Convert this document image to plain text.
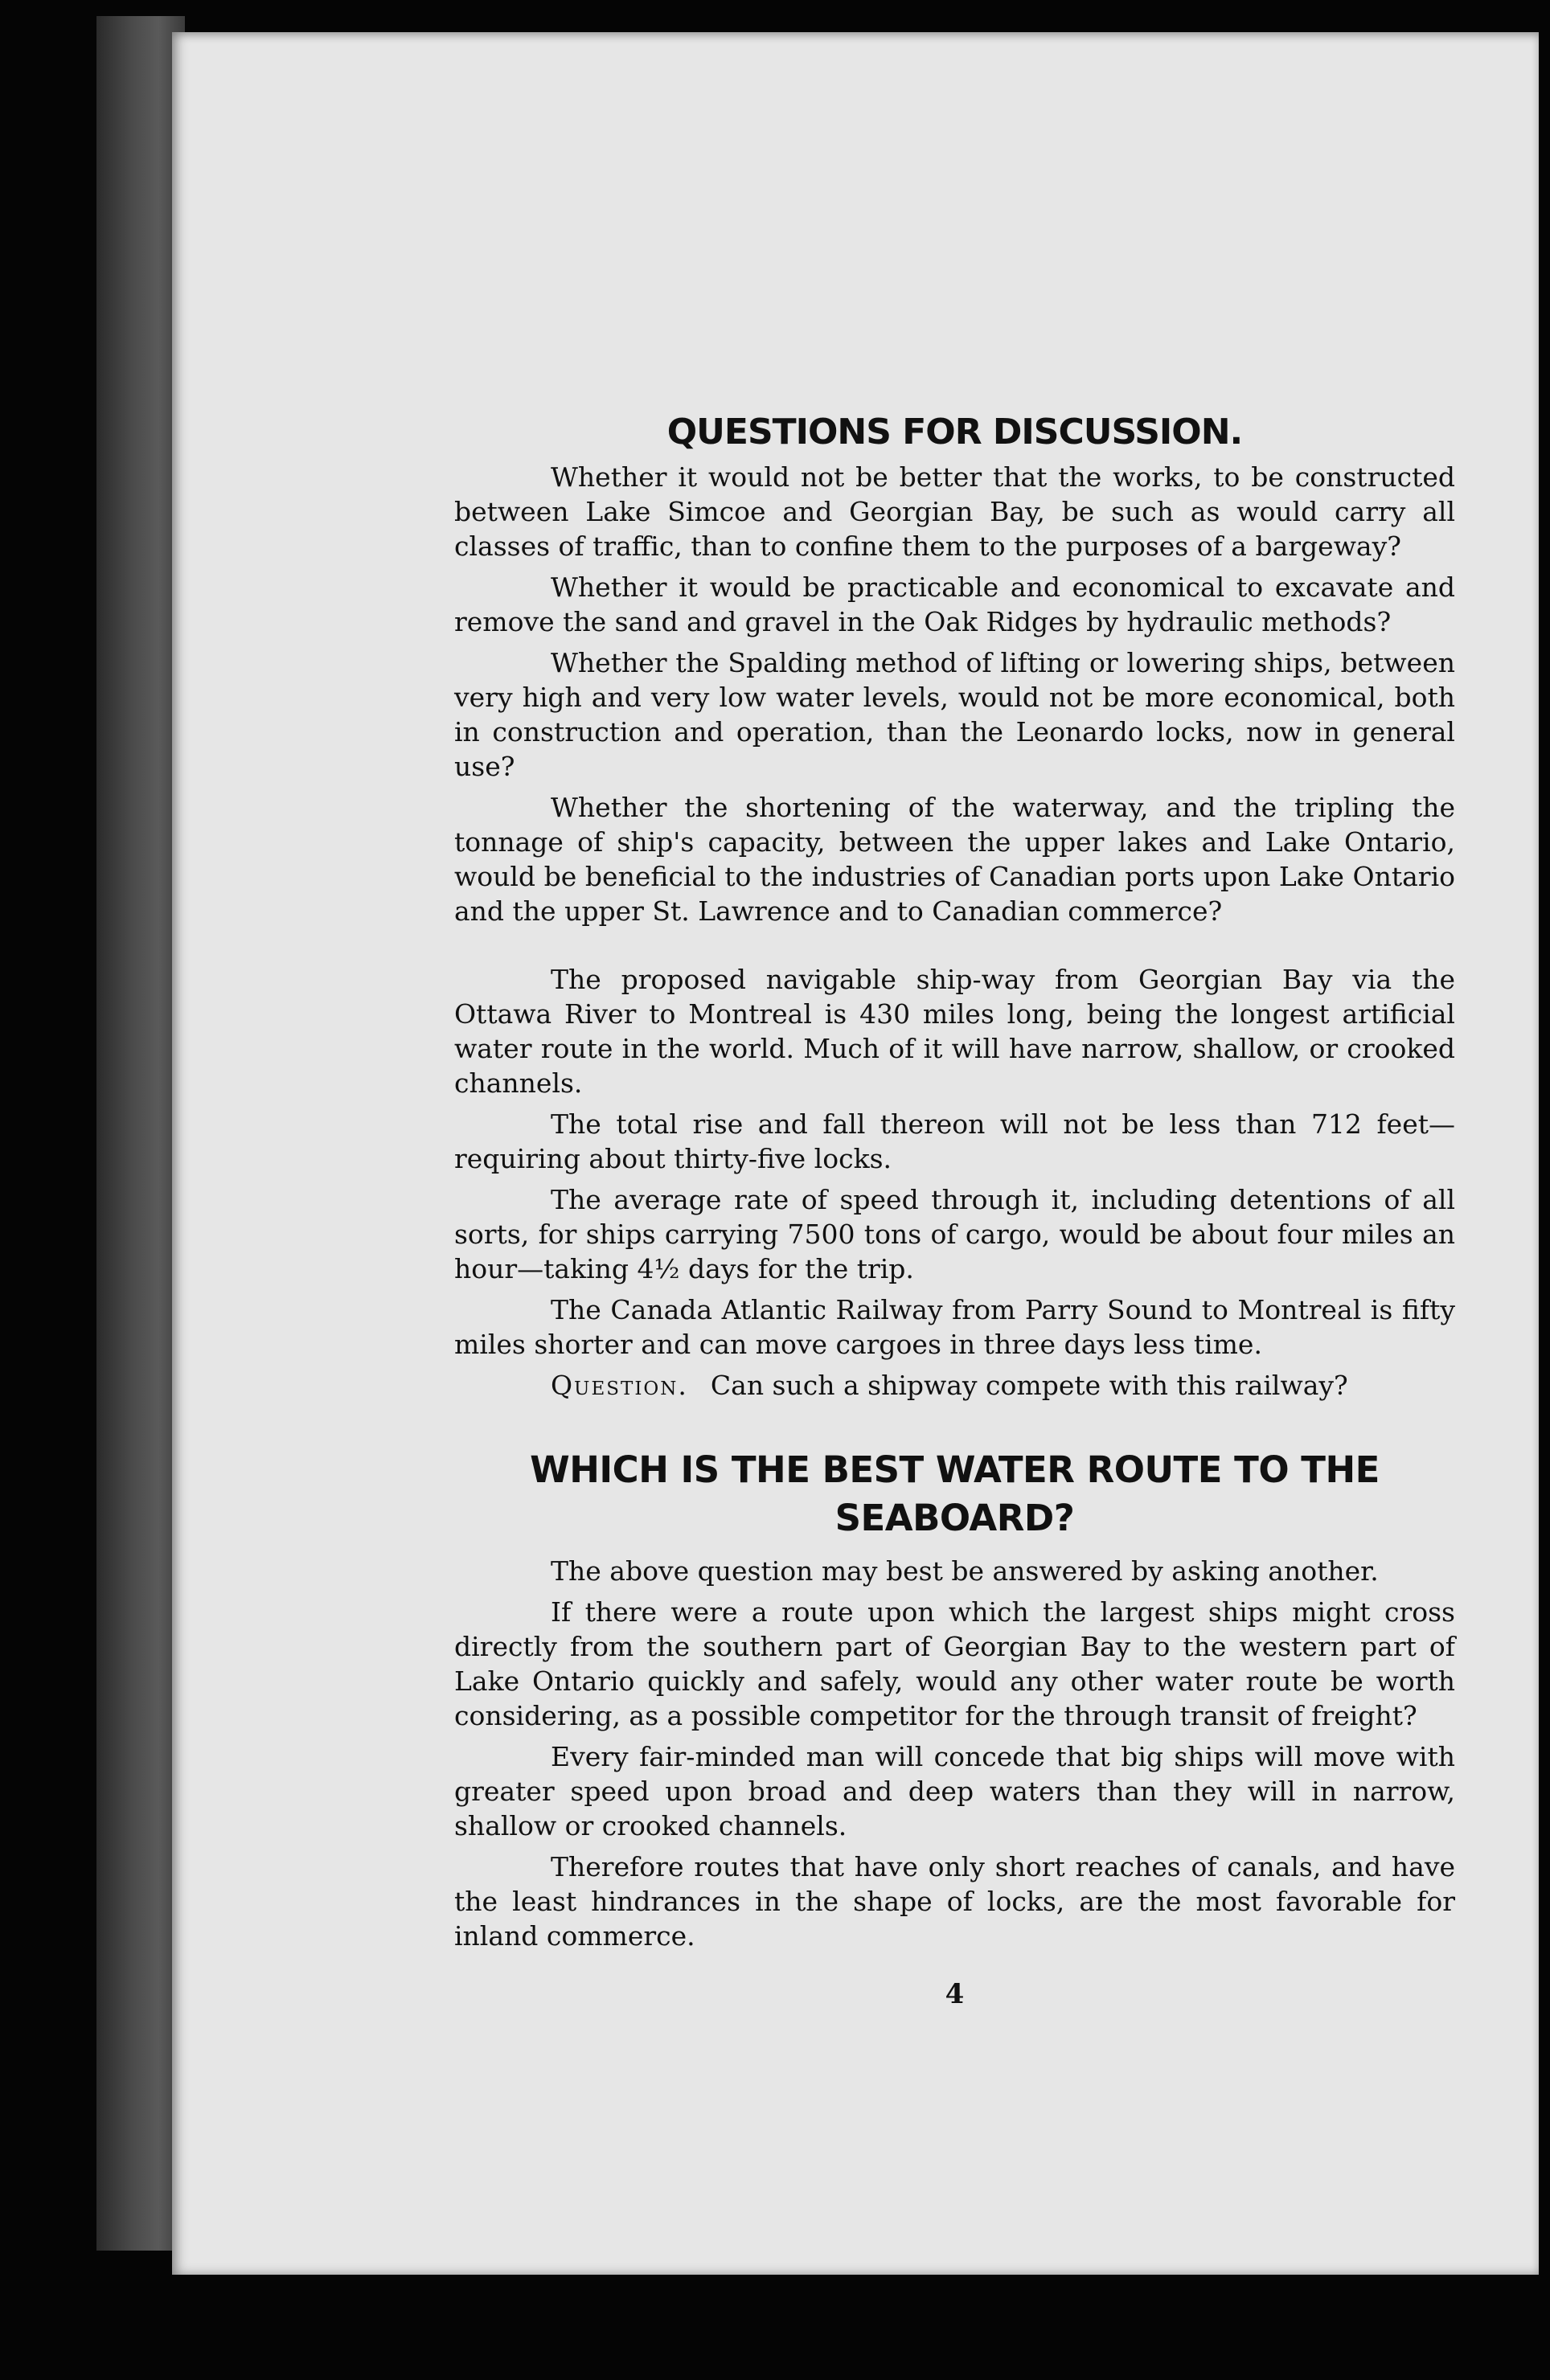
QUESTIONS FOR DISCUSSION.

Whether it would not be better that the works, to be constructed between Lake Simcoe and Georgian Bay, be such as would carry all classes of traffic, than to confine them to the purposes of a bargeway?

Whether it would be practicable and economical to excavate and remove the sand and gravel in the Oak Ridges by hydraulic methods?

Whether the Spalding method of lifting or lowering ships, between very high and very low water levels, would not be more economical, both in construction and operation, than the Leonardo locks, now in general use?

Whether the shortening of the waterway, and the tripling the tonnage of ship's capacity, between the upper lakes and Lake Ontario, would be beneficial to the industries of Canadian ports upon Lake Ontario and the upper St. Lawrence and to Canadian commerce?

The proposed navigable ship-way from Georgian Bay via the Ottawa River to Montreal is 430 miles long, being the longest artificial water route in the world. Much of it will have narrow, shallow, or crooked channels.

The total rise and fall thereon will not be less than 712 feet—requiring about thirty-five locks.

The average rate of speed through it, including detentions of all sorts, for ships carrying 7500 tons of cargo, would be about four miles an hour—taking 4½ days for the trip.

The Canada Atlantic Railway from Parry Sound to Montreal is fifty miles shorter and can move cargoes in three days less time.

Question. Can such a shipway compete with this railway?

WHICH IS THE BEST WATER ROUTE TO THE
SEABOARD?

The above question may best be answered by asking another.

If there were a route upon which the largest ships might cross directly from the southern part of Georgian Bay to the western part of Lake Ontario quickly and safely, would any other water route be worth considering, as a possible competitor for the through transit of freight?

Every fair-minded man will concede that big ships will move with greater speed upon broad and deep waters than they will in narrow, shallow or crooked channels.

Therefore routes that have only short reaches of canals, and have the least hindrances in the shape of locks, are the most favorable for inland commerce.

4
